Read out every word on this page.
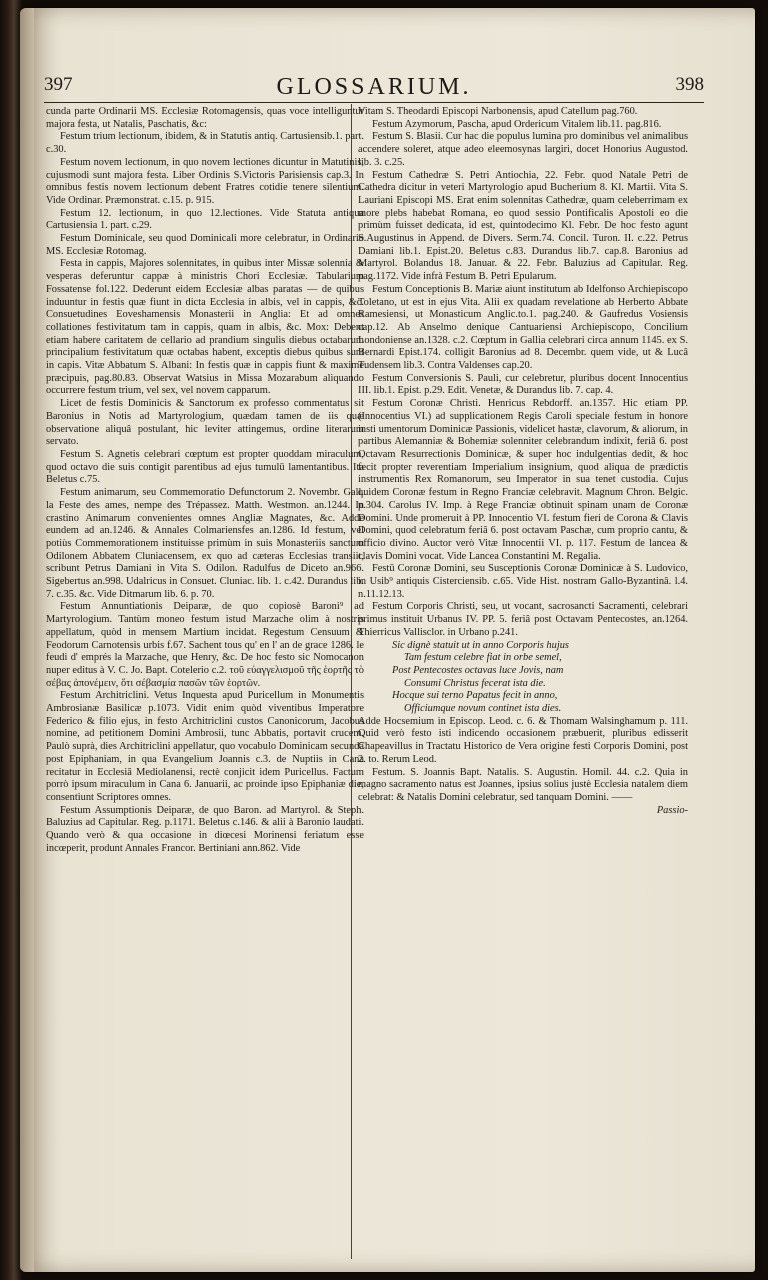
397	GLOSSARIUM.	398

cunda parte Ordinarii MS. Ecclesiæ Rotomagensis, quas voce intelliguntur majora festa, ut Natalis, Paschatis, &c:

Festum trium lectionum, ibidem, & in Statutis antiq. Cartusiensib.1. part. c.30.

Festum novem lectionum, in quo novem lectiones dicuntur in Matutinis, cujusmodi sunt majora festa. Liber Ordinis S.Victoris Parisiensis cap.3. In omnibus festis novem lectionum debent Fratres cotidie tenere silentium. Vide Ordinar. Præmonstrat. c.15. p. 915.

Festum 12. lectionum, in quo 12.lectiones. Vide Statuta antiqua Cartusiensia 1. part. c.29.

Festum Dominicale, seu quod Dominicali more celebratur, in Ordinario MS. Ecclesiæ Rotomag.

Festa in cappis, Majores solennitates, in quibus inter Missæ solennia & vesperas deferuntur cappæ à ministris Chori Ecclesiæ. Tabularium Fossatense fol.122. Dederunt eidem Ecclesiæ albas paratas — de quibus induuntur in festis quæ fiunt in dicta Ecclesia in albis, vel in cappis, &c. Consuetudines Eoveshamensis Monasterii in Anglia: Et ad omnes collationes festivitatum tam in cappis, quam in albis, &c. Mox: Debent etiam habere caritatem de cellario ad prandium singulis diebus octabarum principalium festivitatum quæ octabas habent, exceptis diebus quibus sunt in capis. Vitæ Abbatum S. Albani: In festis quæ in cappis fiunt & maxime præcipuis, pag.80.83. Observat Watsius in Missa Mozarabum aliquando occurrere festum trium, vel sex, vel novem capparum.

Licet de festis Dominicis & Sanctorum ex professo commentatus sit Baronius in Notis ad Martyrologium, quædam tamen de iis quæ observatione aliquâ postulant, hic leviter attingemus, ordine literarum servato.

Festum S. Agnetis celebrari cœptum est propter quoddam miraculum, quod octavo die suis contigit parentibus ad ejus tumulū lamentantibus. Ita Beletus c.75.

Festum animarum, seu Commemoratio Defunctorum 2. Novembr. Gall. la Feste des ames, nempe des Trépassez. Matth. Westmon. an.1244. In crastino Animarum convenientes omnes Angliæ Magnates, &c. Adde eundem ad an.1246. & Annales Colmariensfes an.1286. Id festum, vel potiùs Commemorationem instituisse primùm in suis Monasteriis sanctum Odilonem Abbatem Cluniacensem, ex quo ad cæteras Ecclesias transiit, scribunt Petrus Damiani in Vita S. Odilon. Radulfus de Diceto an.966. Sigebertus an.998. Udalricus in Consuet. Cluniac. lib. 1. c.42. Durandus lib. 7. c.35. &c. Vide Ditmarum lib. 6. p. 70.

Festum Annuntiationis Deiparæ, de quo copiosè Baroni⁹ ad Martyrologium. Tantùm moneo festum istud Marzache olim à nostris appellatum, quòd in mensem Martium incidat. Regestum Censuum & Feodorum Carnotensis urbis f.67. Sachent tous qu' en l' an de grace 1286. le feudi d' emprés la Marzache, que Henry, &c. De hoc festo sic Nomocanon nuper editus à V. C. Jo. Bapt. Cotelerio c.2. τοῦ εὐαγγελισμοῦ τῆς ἑορτῆς τὸ σέβας ἀπονέμειν, ὅτι σέβασμία πασῶν τῶν ἑορτῶν.

Festum Architriclini. Vetus Inquesta apud Puricellum in Monumentis Ambrosianæ Basilicæ p.1073. Vidit enim quòd viventibus Imperatore Federico & filio ejus, in festo Architriclini custos Canonicorum, Jacobus nomine, ad petitionem Domini Ambrosii, tunc Abbatis, portavit crucem. Paulò suprà, dies Architriclini appellatur, quo vocabulo Dominicam secundâ post Epiphaniam, in qua Evangelium Joannis c.3. de Nuptiis in Cana recitatur in Ecclesiâ Mediolanensi, rectè conjicit idem Puricellus. Factum porrò ipsum miraculum in Cana 6. Januarii, ac proinde ipso Epiphaniæ die, consentiunt Scriptores omnes.

Festum Assumptionis Deiparæ, de quo Baron. ad Martyrol. & Steph. Baluzius ad Capitular. Reg. p.1171. Beletus c.146. & alii à Baronio laudati. Quando verò & qua occasione in diœcesi Morinensi feriatum esse incœperit, produnt Annales Francor. Bertiniani ann.862. Vide

Vitam S. Theodardi Episcopi Narbonensis, apud Catellum pag.760.

Festum Azymorum, Pascha, apud Ordericum Vitalem lib.11. pag.816.

Festum S. Blasii. Cur hac die populus lumina pro dominibus vel animalibus accendere soleret, atque adeo eleemosynas largiri, docet Honorius Augustod. lib. 3. c.25.

Festum Cathedræ S. Petri Antiochia, 22. Febr. quod Natale Petri de Cathedra dicitur in veteri Martyrologio apud Bucherium 8. Kl. Martii. Vita S. Lauriani Episcopi MS. Erat enim solennitas Cathedræ, quam celeberrimam ex more plebs habebat Romana, eo quod sessio Pontificalis Apostoli eo die primùm fuisset dedicata, id est, quintodecimo Kl. Febr. De hoc festo agunt S.Augustinus in Append. de Divers. Serm.74. Concil. Turon. II. c.22. Petrus Damiani lib.1. Epist.20. Beletus c.83. Durandus lib.7. cap.8. Baronius ad Martyrol. Bolandus 18. Januar. & 22. Febr. Baluzius ad Capitular. Reg. pag.1172. Vide infrà Festum B. Petri Epularum.

Festum Conceptionis B. Mariæ aiunt institutum ab Idelfonso Archiepiscopo Toletano, ut est in ejus Vita. Alii ex quadam revelatione ab Herberto Abbate Ramesiensi, ut Monasticum Anglic.to.1. pag.240. & Gaufredus Vosiensis cap.12. Ab Anselmo denique Cantuariensi Archiepiscopo, Concilium Londoniense an.1328. c.2. Cœptum in Gallia celebrari circa annum 1145. ex S. Bernardi Epist.174. colligit Baronius ad 8. Decembr. quem vide, ut & Lucâ Tudensem lib.3. Contra Valdenses cap.20.

Festum Conversionis S. Pauli, cur celebretur, pluribus docent Innocentius III. lib.1. Epist. p.29. Edit. Venetæ, & Durandus lib. 7. cap. 4.

Festum Coronæ Christi. Henricus Rebdorff. an.1357. Hic etiam PP. (Innocentius VI.) ad supplicationem Regis Caroli speciale festum in honore insti umentorum Dominicæ Passionis, videlicet hastæ, clavorum, & aliorum, in partibus Alemanniæ & Bohemiæ solenniter celebrandum indixit, feriâ 6. post Octavam Resurrectionis Dominicæ, & super hoc indulgentias dedit, & hoc fecit propter reverentiam Imperialium insignium, quod aliqua de prædictis instrumentis Rex Romanorum, seu Imperator in sua tenet custodia. Cujus quidem Coronæ festum in Regno Franciæ celebravit. Magnum Chron. Belgic. p.304. Carolus IV. Imp. à Rege Franciæ obtinuit spinam unam de Coronæ Domini. Unde promeruit à PP. Innocentio VI. festum fieri de Corona & Clavis Domini, quod celebratum feriâ 6. post octavam Paschæ, cum proprio cantu, & officio divino. Auctor verò Vitæ Innocentii VI. p. 117. Festum de lancea & clavis Domini vocat. Vide Lancea Constantini M. Regalia.

Festū Coronæ Domini, seu Susceptionis Coronæ Dominicæ à S. Ludovico, in Usib⁹ antiquis Cisterciensib. c.65. Vide Hist. nostram Gallo-Byzantinâ. l.4. n.11.12.13.

Festum Corporis Christi, seu, ut vocant, sacrosancti Sacramenti, celebrari primus instituit Urbanus IV. PP. 5. feriâ post Octavam Pentecostes, an.1264. Thierricus Vallisclor. in Urbano p.241.

Sic dignè statuit ut in anno Corporis hujus

Tam festum celebre fiat in orbe semel,

Post Pentecostes octavas luce Jovis, nam

Consumi Christus fecerat ista die.

Hocque sui terno Papatus fecit in anno,

Officiumque novum continet ista dies.

Adde Hocsemium in Episcop. Leod. c. 6. & Thomam Walsinghamum p. 111. Quid verò festo isti indicendo occasionem præbuerit, pluribus edisserit Chapeavillus in Tractatu Historico de Vera origine festi Corporis Domini, post 2. to. Rerum Leod.

Festum. S. Joannis Bapt. Natalis. S. Augustin. Homil. 44. c.2. Quia in magno sacramento natus est Joannes, ipsius solius justè Ecclesia natalem diem celebrat: & Natalis Domini celebratur, sed tanquam Domini. ——

Passio-
